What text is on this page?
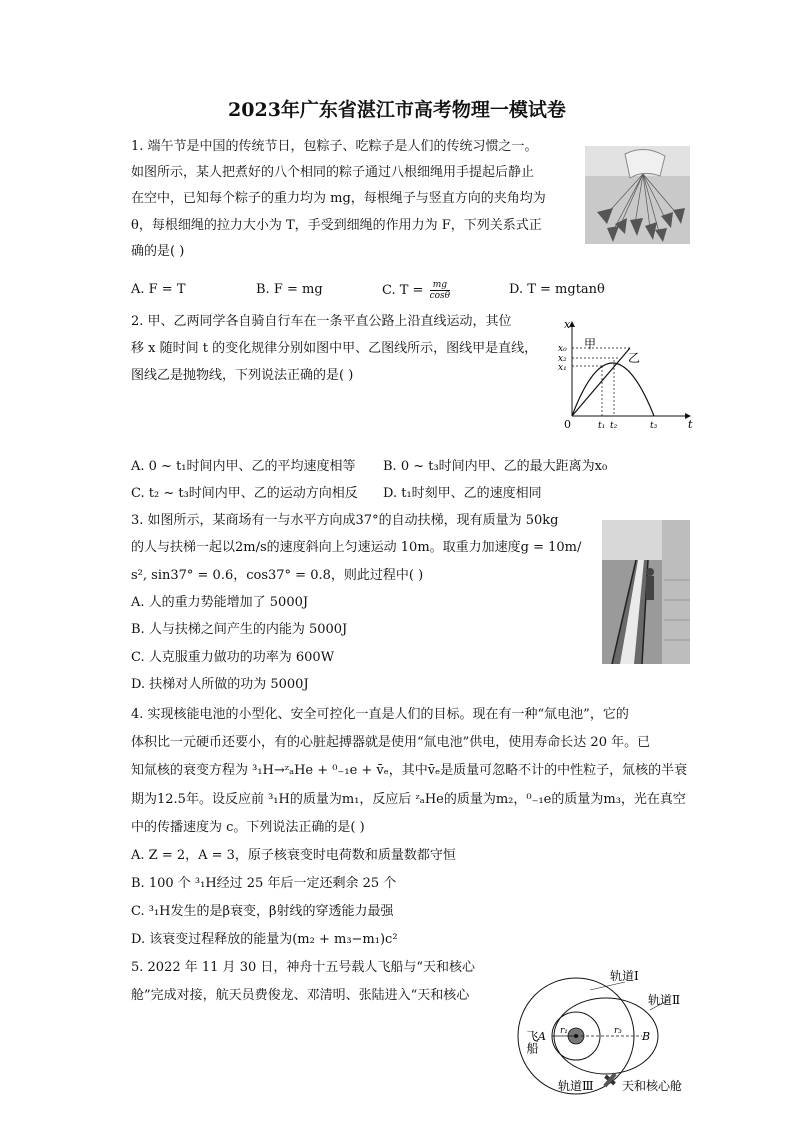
2023年广东省湛江市高考物理一模试卷
1. 端午节是中国的传统节日，包粽子、吃粽子是人们的传统习惯之一。
如图所示，某人把煮好的八个相同的粽子通过八根细绳用手提起后静止
在空中，已知每个粽子的重力均为 mg，每根绳子与竖直方向的夹角均为
θ，每根细绳的拉力大小为 T，手受到细绳的作用力为 F，下列关系式正
确的是( )
A. F = T	B. F = mg	C. $T = \frac{mg}{\cos\theta}$	D. T = mgtanθ
2. 甲、乙两同学各自骑自行车在一条平直公路上沿直线运动，其位
移 x 随时间 t 的变化规律分别如图中甲、乙图线所示，图线甲是直线，
图线乙是抛物线，下列说法正确的是( )
x
t
0
x₀
x₂
x₁
t₁ t₂	t₃
甲
乙
A. 0 ~ t₁时间内甲、乙的平均速度相等 B. 0 ~ t₃时间内甲、乙的最大距离为x₀
C. t₂ ~ t₃时间内甲、乙的运动方向相反 D. t₁时刻甲、乙的速度相同
3. 如图所示，某商场有一与水平方向成37°的自动扶梯，现有质量为 50kg
的人与扶梯一起以2m/s的速度斜向上匀速运动 10m。取重力加速度g = 10m/
s², sin37° = 0.6，cos37° = 0.8，则此过程中( )
A. 人的重力势能增加了 5000J
B. 人与扶梯之间产生的内能为 5000J
C. 人克服重力做功的功率为 600W
D. 扶梯对人所做的功为 5000J
4. 实现核能电池的小型化、安全可控化一直是人们的目标。现在有一种“氚电池”，它的
体积比一元硬币还要小，有的心脏起搏器就是使用“氚电池”供电，使用寿命长达 20 年。已
知氚核的衰变方程为 ³₁H→ᶻₐHe + ⁰₋₁e + v̄ₑ，其中v̄ₑ是质量可忽略不计的中性粒子，氚核的半衰
期为12.5年。设反应前 ³₁H的质量为m₁，反应后 ᶻₐHe的质量为m₂，⁰₋₁e的质量为m₃，光在真空
中的传播速度为 c。下列说法正确的是( )
A. Z = 2，A = 3，原子核衰变时电荷数和质量数都守恒
B. 100 个 ³₁H经过 25 年后一定还剩余 25 个
C. ³₁H发生的是β衰变，β射线的穿透能力最强
D. 该衰变过程释放的能量为(m₂ + m₃−m₁)c²
5. 2022 年 11 月 30 日，神舟十五号载人飞船与“天和核心
舱”完成对接，航天员费俊龙、邓清明、张陆进入“天和核心
轨道Ⅰ
轨道Ⅱ
轨道Ⅲ
r₁	r₃
A	B
飞船
天和核心舱
